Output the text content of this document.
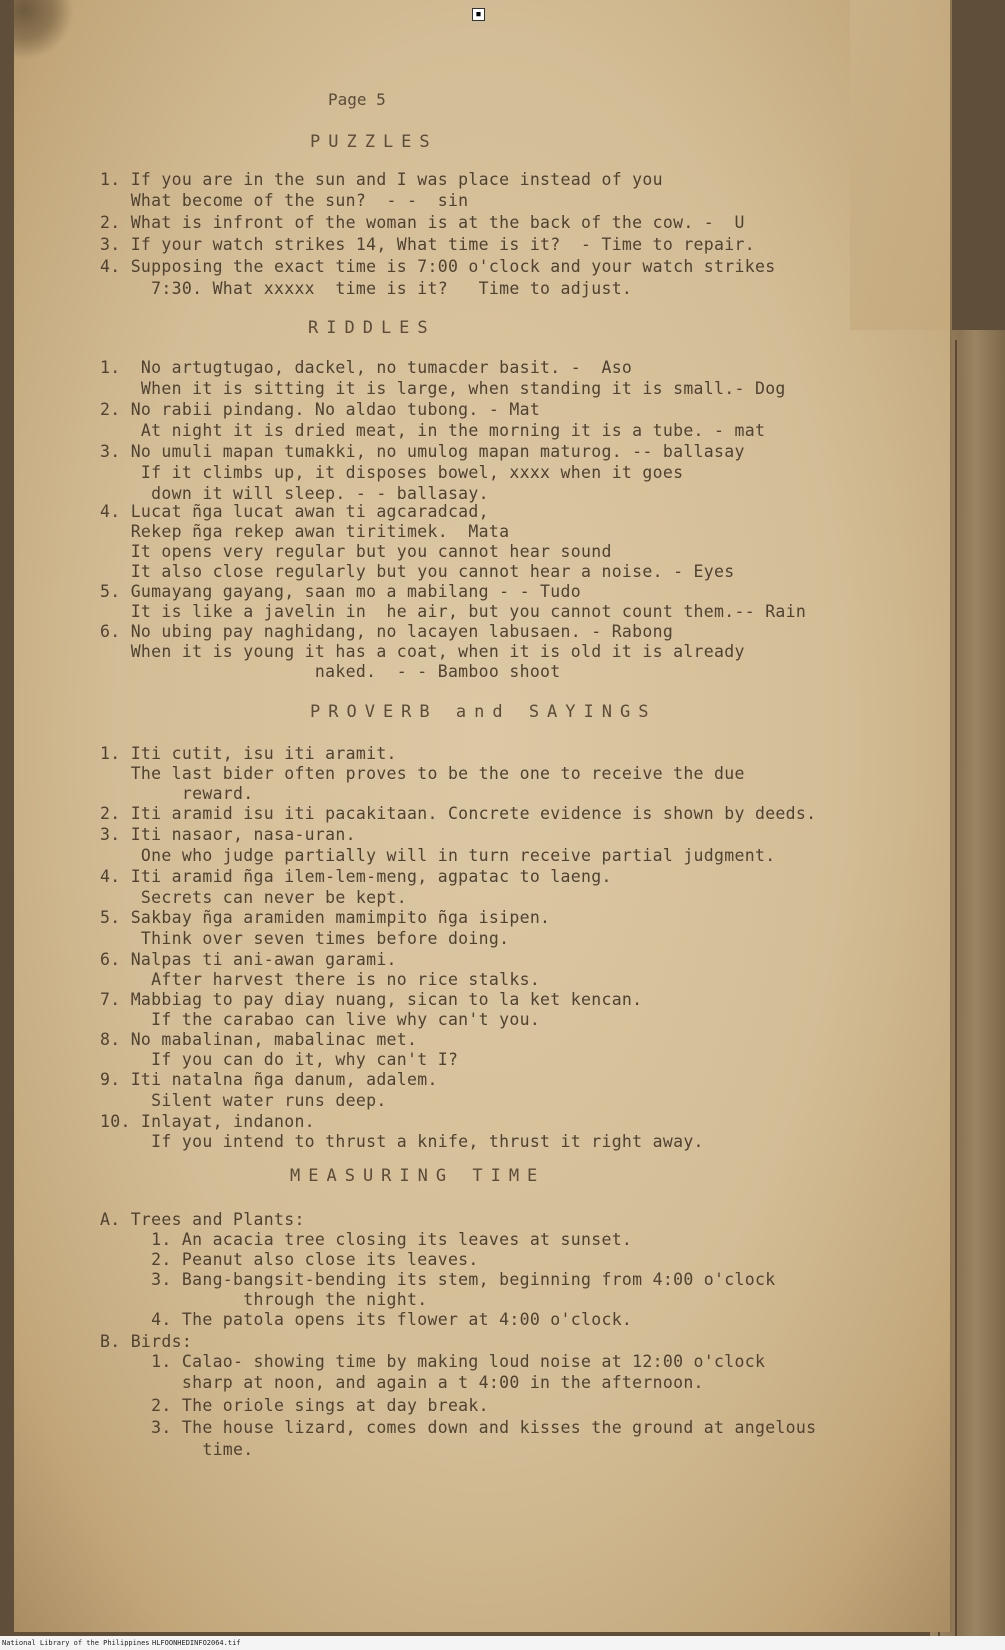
■
Page 5
PUZZLES
1. If you are in the sun and I was place instead of you
What become of the sun?  - -  sin
2. What is infront of the woman is at the back of the cow. -  U
3. If your watch strikes 14, What time is it?  - Time to repair.
4. Supposing the exact time is 7:00 o'clock and your watch strikes
7:30. What xxxxx  time is it?   Time to adjust.
RIDDLES
1.  No artugtugao, dackel, no tumacder basit. -  Aso
When it is sitting it is large, when standing it is small.- Dog
2. No rabii pindang. No aldao tubong. - Mat
At night it is dried meat, in the morning it is a tube. - mat
3. No umuli mapan tumakki, no umulog mapan maturog. -- ballasay
If it climbs up, it disposes bowel, xxxx when it goes
down it will sleep. - - ballasay.
4. Lucat ñga lucat awan ti agcaradcad,
Rekep ñga rekep awan tiritimek.  Mata
It opens very regular but you cannot hear sound
It also close regularly but you cannot hear a noise. - Eyes
5. Gumayang gayang, saan mo a mabilang - - Tudo
It is like a javelin in  he air, but you cannot count them.-- Rain
6. No ubing pay naghidang, no lacayen labusaen. - Rabong
When it is young it has a coat, when it is old it is already
naked.  - - Bamboo shoot
PROVERB and SAYINGS
1. Iti cutit, isu iti aramit.
The last bider often proves to be the one to receive the due
reward.
2. Iti aramid isu iti pacakitaan. Concrete evidence is shown by deeds.
3. Iti nasaor, nasa-uran.
One who judge partially will in turn receive partial judgment.
4. Iti aramid ñga ilem-lem-meng, agpatac to laeng.
Secrets can never be kept.
5. Sakbay ñga aramiden mamimpito ñga isipen.
Think over seven times before doing.
6. Nalpas ti ani-awan garami.
After harvest there is no rice stalks.
7. Mabbiag to pay diay nuang, sican to la ket kencan.
If the carabao can live why can't you.
8. No mabalinan, mabalinac met.
If you can do it, why can't I?
9. Iti natalna ñga danum, adalem.
Silent water runs deep.
10. Inlayat, indanon.
If you intend to thrust a knife, thrust it right away.
MEASURING TIME
A. Trees and Plants:
1. An acacia tree closing its leaves at sunset.
2. Peanut also close its leaves.
3. Bang-bangsit-bending its stem, beginning from 4:00 o'clock
through the night.
4. The patola opens its flower at 4:00 o'clock.
B. Birds:
1. Calao- showing time by making loud noise at 12:00 o'clock
sharp at noon, and again a t 4:00 in the afternoon.
2. The oriole sings at day break.
3. The house lizard, comes down and kisses the ground at angelous
time.
National Library of the Philippines HLFOONHEDINFO2064.tif
